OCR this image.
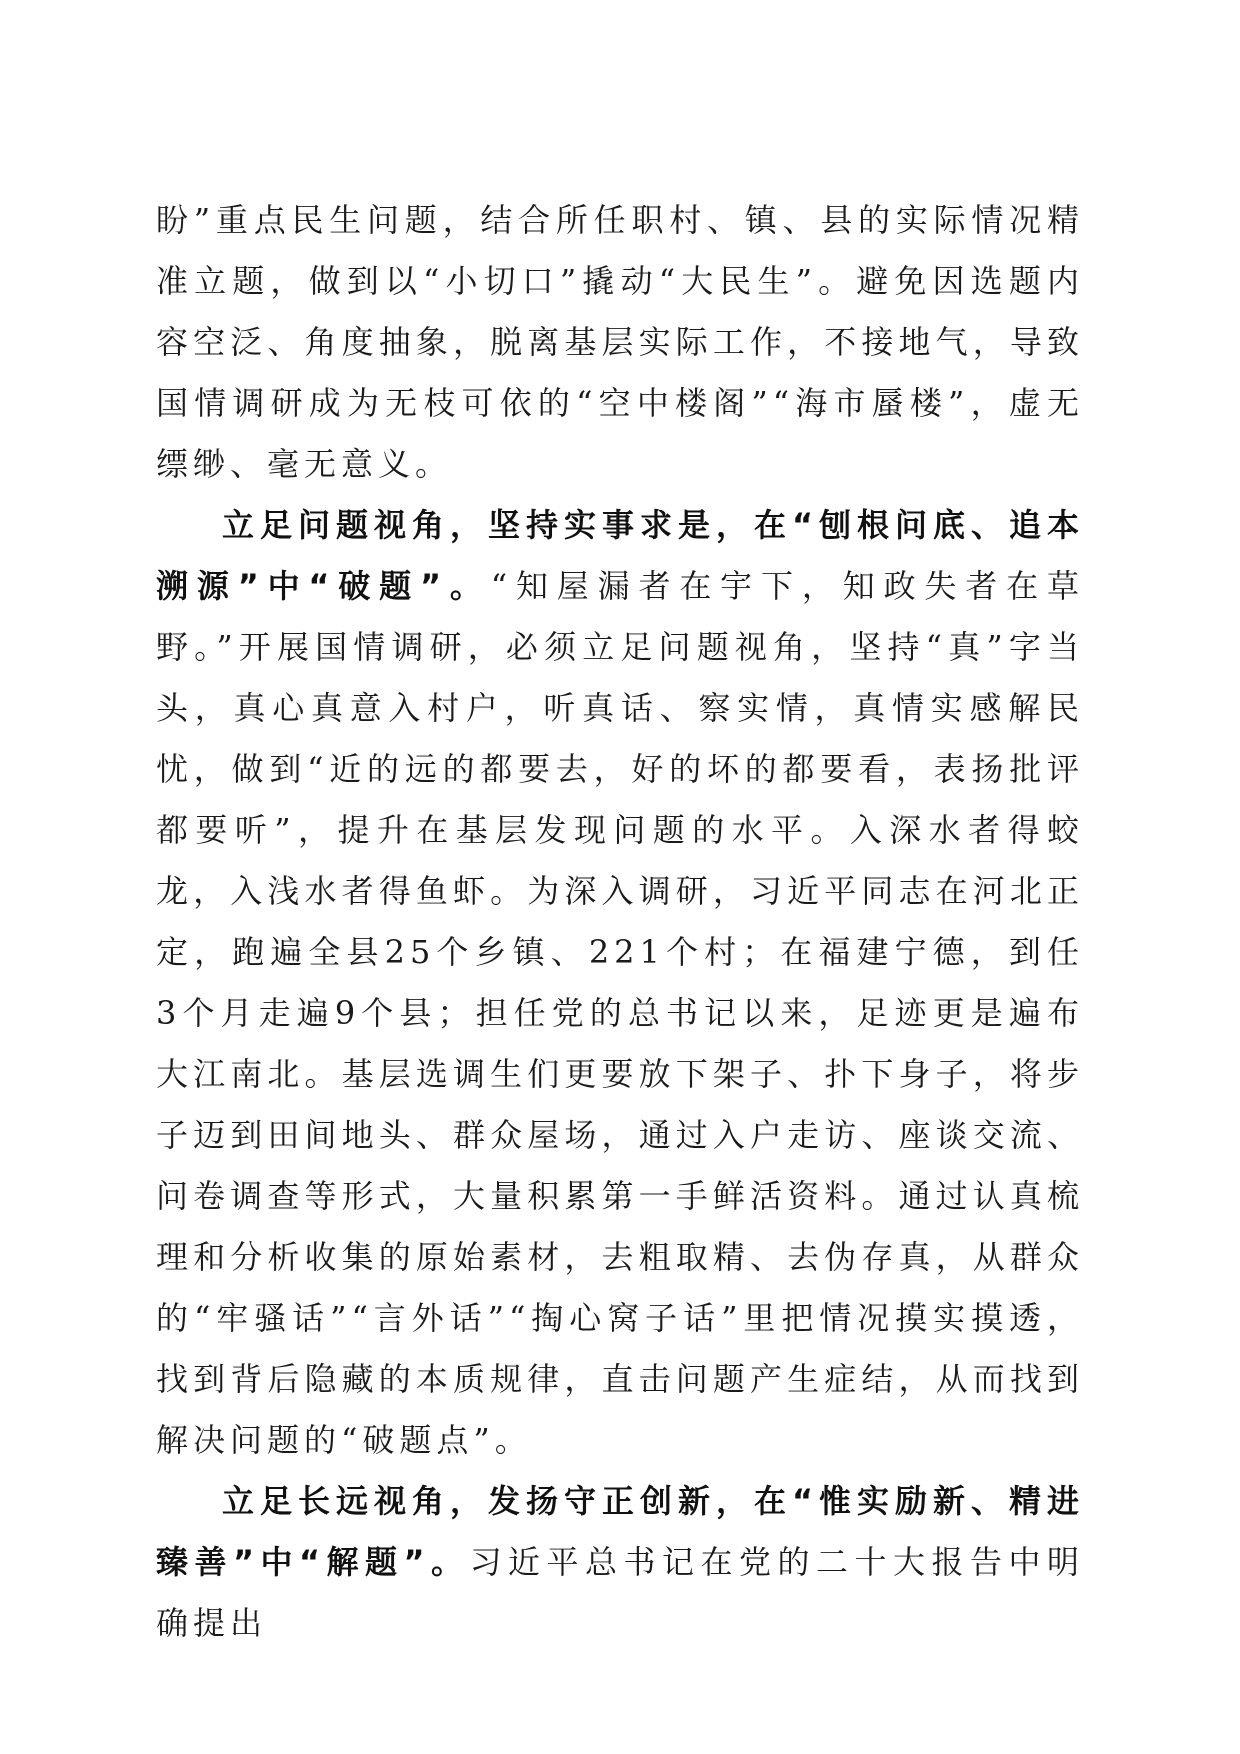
盼”重点民生问题，结合所任职村、镇、县的实际情况精准立题，做到以“小切口”撬动“大民生”。避免因选题内容空泛、角度抽象，脱离基层实际工作，不接地气，导致国情调研成为无枝可依的“空中楼阁”“海市蜃楼”，虚无缥缈、毫无意义。

立足问题视角，坚持实事求是，在“刨根问底、追本溯源”中“破题”。“知屋漏者在宇下，知政失者在草野。”开展国情调研，必须立足问题视角，坚持“真”字当头，真心真意入村户，听真话、察实情，真情实感解民忧，做到“近的远的都要去，好的坏的都要看，表扬批评都要听”，提升在基层发现问题的水平。入深水者得蛟龙，入浅水者得鱼虾。为深入调研，习近平同志在河北正定，跑遍全县25个乡镇、221个村；在福建宁德，到任3个月走遍9个县；担任党的总书记以来，足迹更是遍布大江南北。基层选调生们更要放下架子、扑下身子，将步子迈到田间地头、群众屋场，通过入户走访、座谈交流、问卷调查等形式，大量积累第一手鲜活资料。通过认真梳理和分析收集的原始素材，去粗取精、去伪存真，从群众的“牢骚话”“言外话”“掏心窝子话”里把情况摸实摸透，找到背后隐藏的本质规律，直击问题产生症结，从而找到解决问题的“破题点”。

立足长远视角，发扬守正创新，在“惟实励新、精进臻善”中“解题”。习近平总书记在党的二十大报告中明确提出
